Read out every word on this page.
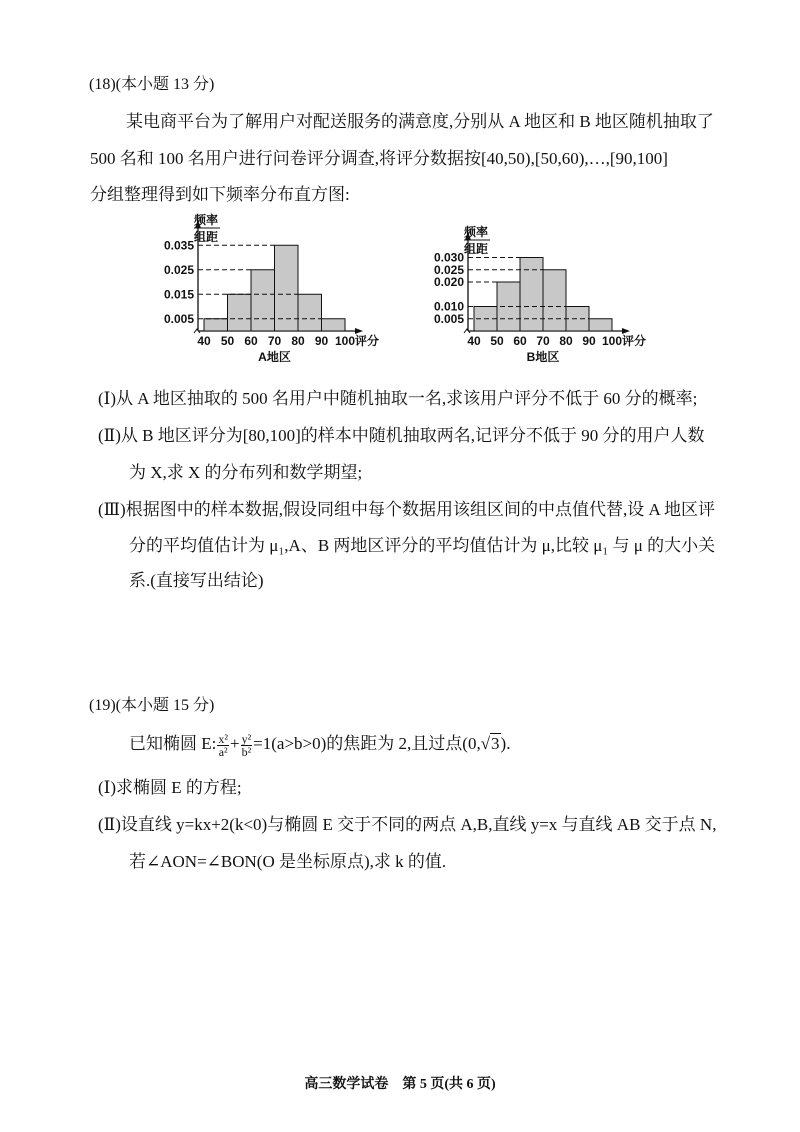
(18)(本小题 13 分)
某电商平台为了解用户对配送服务的满意度,分别从 A 地区和 B 地区随机抽取了
500 名和 100 名用户进行问卷评分调查,将评分数据按[40,50),[50,60),…,[90,100]
分组整理得到如下频率分布直方图:
0.005
0.015
0.025
0.035
40 50 60 70 80 90 100 评分
频率
组距
A地区
0.005
0.010
0.020
0.025
0.030
40 50 60 70 80 90 100 评分
频率
组距
B地区
(Ⅰ)从 A 地区抽取的 500 名用户中随机抽取一名,求该用户评分不低于 60 分的概率;
(Ⅱ)从 B 地区评分为[80,100]的样本中随机抽取两名,记评分不低于 90 分的用户人数
为 X,求 X 的分布列和数学期望;
(Ⅲ)根据图中的样本数据,假设同组中每个数据用该组区间的中点值代替,设 A 地区评
分的平均值估计为 μ₁,A、B 两地区评分的平均值估计为 μ,比较 μ₁ 与 μ 的大小关
系.(直接写出结论)
(19)(本小题 15 分)
已知椭圆 E: $\frac{\text{x²}}{\text{a²}} + \frac{\text{y²}}{\text{b²}} =1(a>b>0)$的焦距为 2,且过点(0,√3).
(Ⅰ)求椭圆 E 的方程;
(Ⅱ)设直线 y=kx+2(k<0)与椭圆 E 交于不同的两点 A,B,直线 y=x 与直线 AB 交于点 N,
若∠AON=∠BON(O 是坐标原点),求 k 的值.
高三数学试卷　第 5 页(共 6 页)
